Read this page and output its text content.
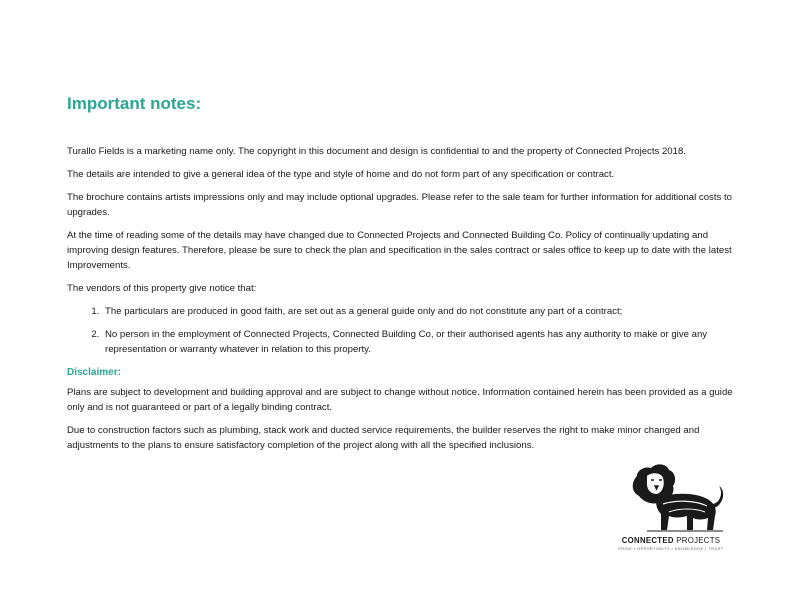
Important notes:

Turallo Fields is a marketing name only. The copyright in this document and design is confidential to and the property of Connected Projects 2018.

The details are intended to give a general idea of the type and style of home and do not form part of any specification or contract.

The brochure contains artists impressions only and may include optional upgrades. Please refer to the sale team for further information for additional costs to upgrades.

At the time of reading some of the details may have changed due to Connected Projects and Connected Building Co. Policy of continually updating and improving design features. Therefore, please be sure to check the plan and specification in the sales contract or sales office to keep up to date with the latest Improvements.

The vendors of this property give notice that:

1. The particulars are produced in good faith, are set out as a general guide only and do not constitute any part of a contract;
2. No person in the employment of Connected Projects, Connected Building Co, or their authorised agents has any authority to make or give any representation or warranty whatever in relation to this property.
Disclaimer:

Plans are subject to development and building approval and are subject to change without notice. Information contained herein has been provided as a guide only and is not guaranteed or part of a legally binding contract.

Due to construction factors such as plumbing, stack work and ducted service requirements, the builder reserves the right to make minor changed and adjustments to the plans to ensure satisfactory completion of the project along with all the specified inclusions.

CONNECTED PROJECTS
PRIDE • OPPORTUNITY • KNOWLEDGE • TRUST
